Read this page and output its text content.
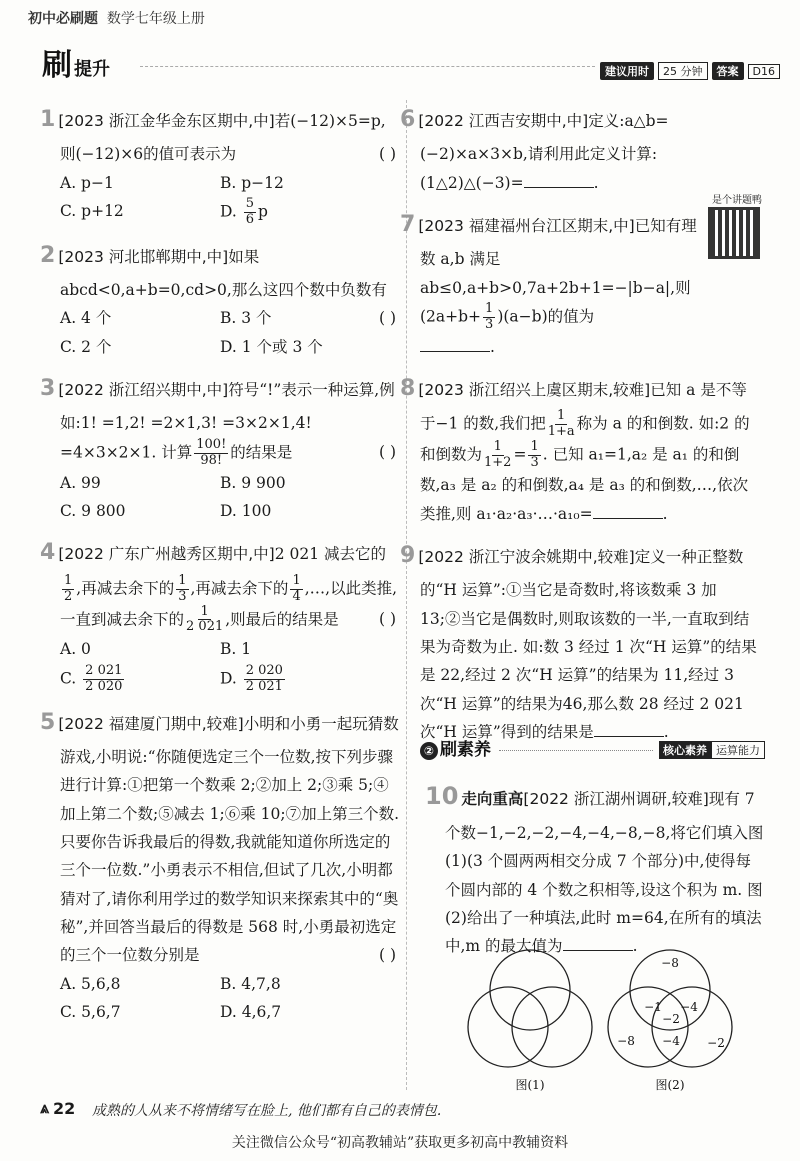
初中必刷题 数学七年级上册
刷提升	建议用时	25 分钟	答案	D16
1 [2023 浙江金华金东区期中,中]若(−12)×5=p,则(−12)×6的值可表示为	( )
A. p−1	B. p−12
C. p+12	D. $\frac{5}{6}$ p
2 [2023 河北邯郸期中,中]如果 abcd<0,a+b=0,cd>0,那么这四个数中负数有
( )
A. 4 个	B. 3 个
C. 2 个	D. 1 个或 3 个
3 [2022 浙江绍兴期中,中]符号“!”表示一种运算,例如:1! =1,2! =2×1,3! =3×2×1,4! =4×3×2×1. 计算 $\frac{100!}{98!}$ 的结果是	( )
A. 99	B. 9 900
C. 9 800	D. 100
4 [2022 广东广州越秀区期中,中]2 021 减去它的
$\frac{1}{2}$ ,再减去余下的 $\frac{1}{3}$ ,再减去余下的 $\frac{1}{4}$ ,…,以此类推,一直到减去余下的 $\frac{1}{2 021}$ ,则最后的结果是	( )
A. 0	B. 1
C. $\frac{2 021}{2 020}$	D. $\frac{2 020}{2 021}$
5 [2022 福建厦门期中,较难]小明和小勇一起玩猜数游戏,小明说:“你随便选定三个一位数,按下列步骤进行计算:①把第一个数乘 2;②加上 2;③乘 5;④加上第二个数;⑤减去 1;⑥乘 10;⑦加上第三个数. 只要你告诉我最后的得数,我就能知道你所选定的三个一位数.”小勇表示不相信,但试了几次,小明都猜对了,请你利用学过的数学知识来探索其中的“奥秘”,并回答当最后的得数是 568 时,小勇最初选定的三个一位数分别是	( )
A. 5,6,8	B. 4,7,8
C. 5,6,7	D. 4,6,7
6 [2022 江西吉安期中,中]定义:a△b=(−2)×a×3×b,请利用此定义计算:(1△2)△(−3)=	.
7 [2023 福建福州台江区期末,中]已知有理数 a,b 满足 ab≤0,a+b>0,7a+2b+1=−|b−a|,则$(2a+b+ \frac{1}{3} )(a-b)$的值为
.
8 [2023 浙江绍兴上虞区期末,较难]已知 a 是不等于−1 的数,我们把 $\frac{1}{1+a}$ 称为 a 的和倒数. 如:2 的和倒数为 $\frac{1}{1+2} = \frac{1}{3}$ . 已知 a₁=1,a₂ 是 a₁ 的和倒数,a₃ 是 a₂ 的和倒数,a₄ 是 a₃ 的和倒数,…,依次类推,则 a₁·a₂·a₃·…·a₁₀=	.
9 [2022 浙江宁波余姚期中,较难]定义一种正整数的“H 运算”:①当它是奇数时,将该数乘 3 加 13;②当它是偶数时,则取该数的一半,一直取到结果为奇数为止. 如:数 3 经过 1 次“H 运算”的结果是 22,经过 2 次“H 运算”的结果为 11,经过 3 次“H 运算”的结果为46,那么数 28 经过 2 021 次“H 运算”得到的结果是	.
是个讲题鸭
② 刷素养	核心素养 运算能力
10 走向重高[2022 浙江湖州调研,较难]现有 7 个数−1,−2,−2,−4,−4,−8,−8,将它们填入图(1)(3 个圆两两相交分成 7 个部分)中,使得每个圆内部的 4 个数之积相等,设这个积为 m. 图(2)给出了一种填法,此时 m=64,在所有的填法中,m 的最大值为	.
图(1)	图(2)
−8
−1 −4
−2
−4
−8	−2
⩓ 22 成熟的人从来不将情绪写在脸上, 他们都有自己的表情包.
关注微信公众号“初高教辅站”获取更多初高中教辅资料
